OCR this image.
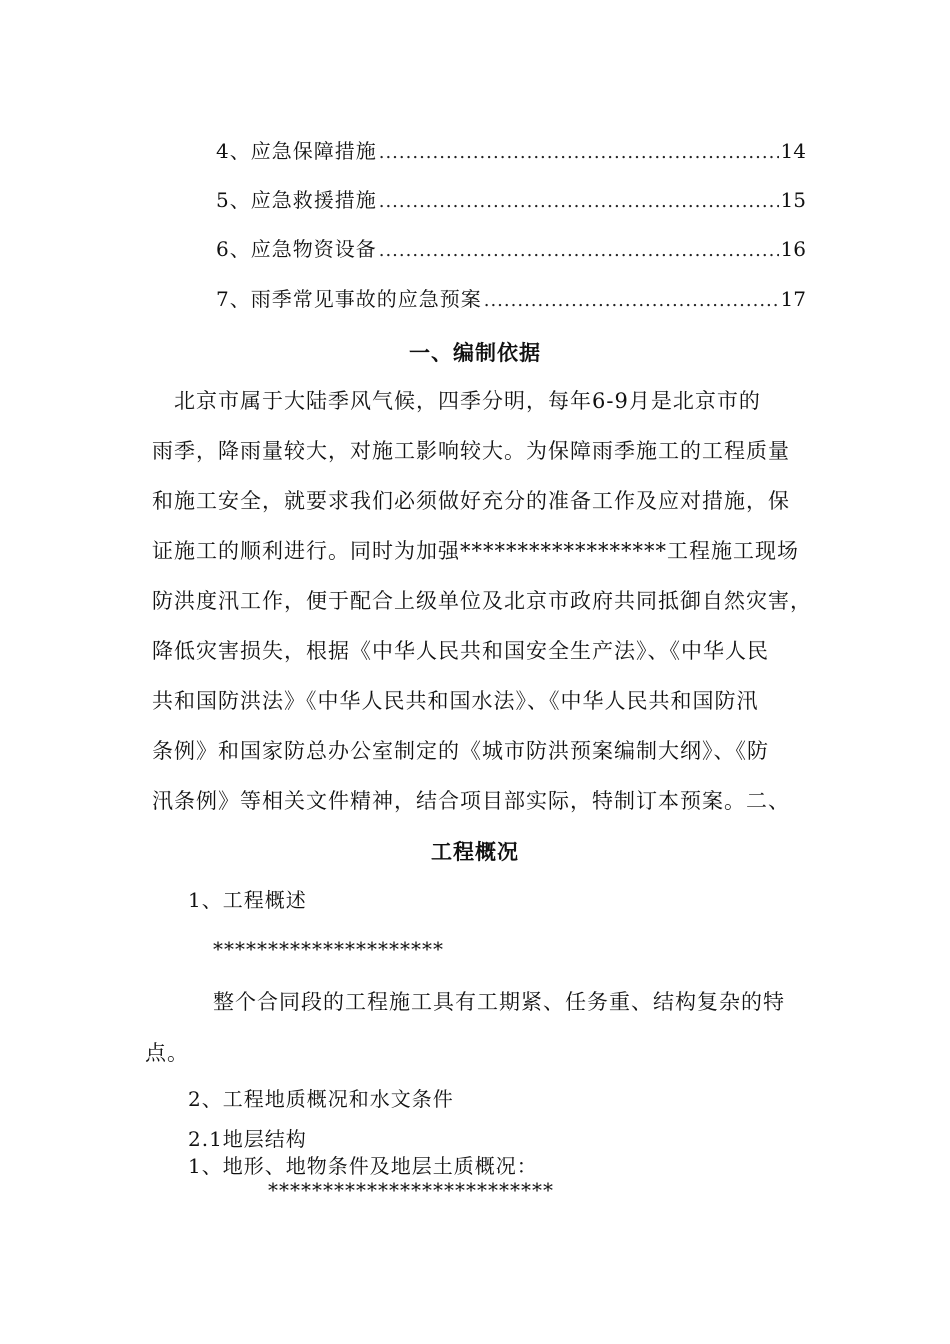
4、应急保障措施 .....	14
5、应急救援措施 .....	15
6、应急物资设备 .....	16
7、雨季常见事故的应急预案 .....	17
一、编制依据
　北京市属于大陆季风气候，四季分明，每年6-9月是北京市的
雨季，降雨量较大，对施工影响较大。为保障雨季施工的工程质量
和施工安全，就要求我们必须做好充分的准备工作及应对措施，保
证施工的顺利进行。同时为加强******************工程施工现场
防洪度汛工作，便于配合上级单位及北京市政府共同抵御自然灾害，
降低灾害损失，根据《中华人民共和国安全生产法》、《中华人民
共和国防洪法》《中华人民共和国水法》、《中华人民共和国防汛
条例》和国家防总办公室制定的《城市防洪预案编制大纲》、《防
汛条例》等相关文件精神，结合项目部实际，特制订本预案。二、
工程概况
1、工程概述
*********************
整个合同段的工程施工具有工期紧、任务重、结构复杂的特
点。
2、工程地质概况和水文条件
2.1地层结构
1、地形、地物条件及地层土质概况：
**************************
